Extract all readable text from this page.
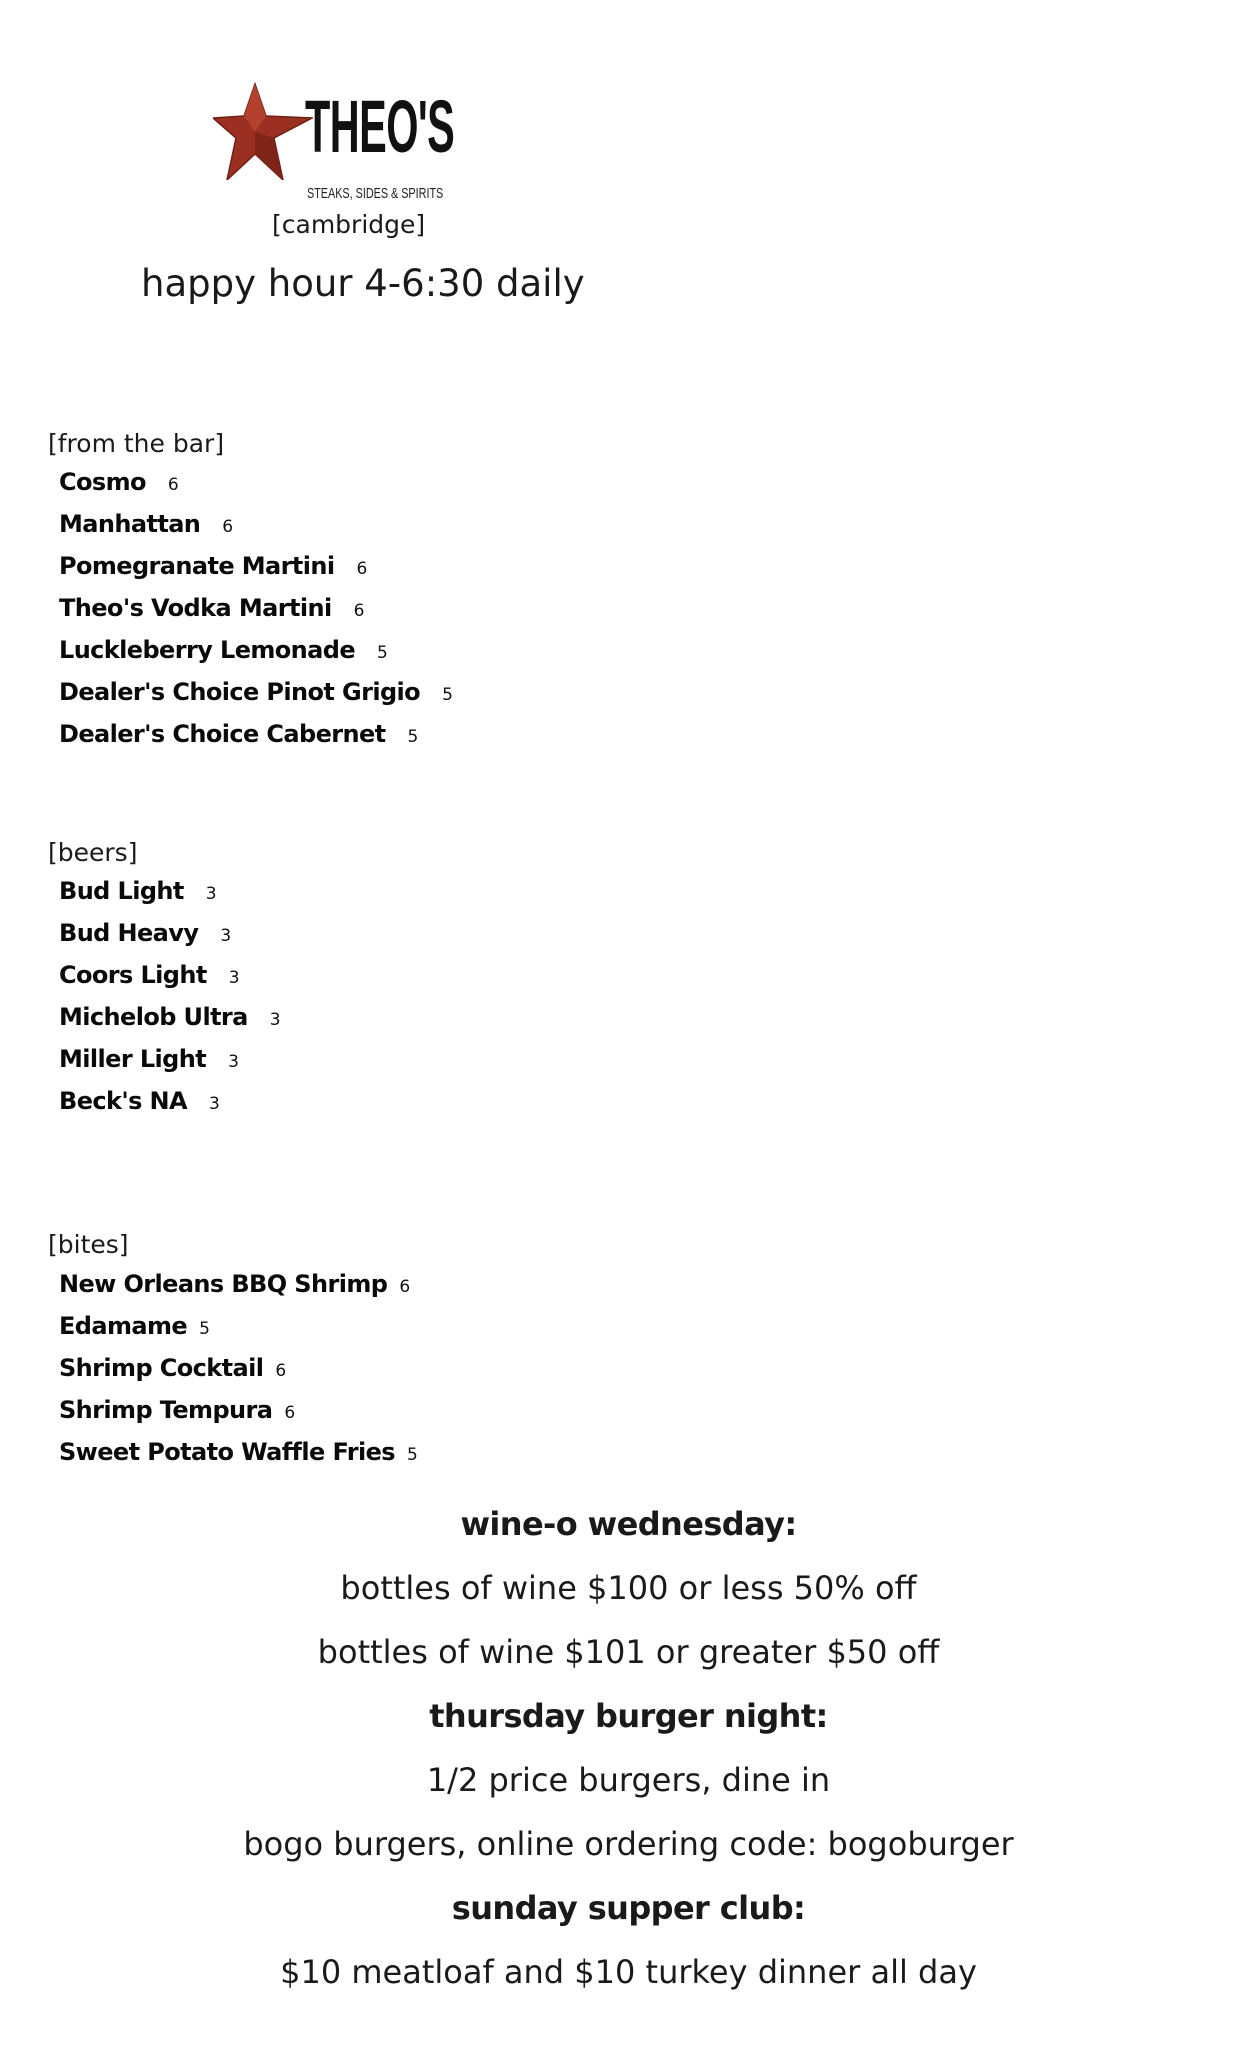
THEO'S
STEAKS, SIDES & SPIRITS
[cambridge]
happy hour 4-6:30 daily
[from the bar]
Cosmo 6
Manhattan 6
Pomegranate Martini 6
Theo's Vodka Martini 6
Luckleberry Lemonade 5
Dealer's Choice Pinot Grigio 5
Dealer's Choice Cabernet 5
[beers]
Bud Light 3
Bud Heavy 3
Coors Light 3
Michelob Ultra 3
Miller Light 3
Beck's NA 3
[bites]
New Orleans BBQ Shrimp 6
Edamame 5
Shrimp Cocktail 6
Shrimp Tempura 6
Sweet Potato Waffle Fries 5

wine-o wednesday:

bottles of wine $100 or less 50% off

bottles of wine $101 or greater $50 off

thursday burger night:

1/2 price burgers, dine in

bogo burgers, online ordering code: bogoburger

sunday supper club:

$10 meatloaf and $10 turkey dinner all day
